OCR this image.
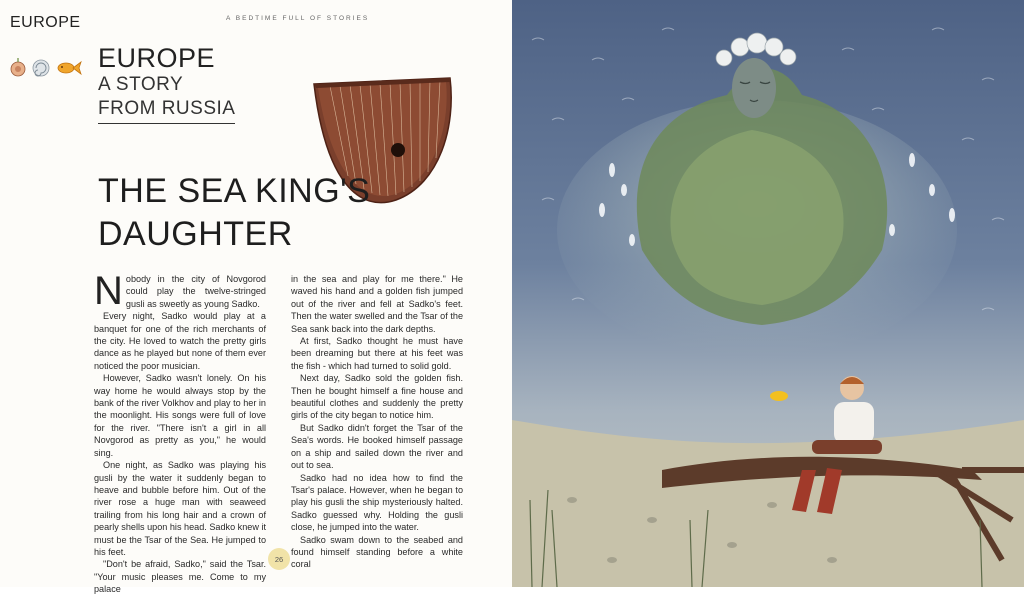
EUROPE	A BEDTIME FULL OF STORIES
EUROPE
A STORY
FROM RUSSIA
THE SEA KING'S
DAUGHTER
N obody in the city of Novgorod could play the twelve-stringed gusli as sweetly as young Sadko.

Every night, Sadko would play at a banquet for one of the rich merchants of the city. He loved to watch the pretty girls dance as he played but none of them ever noticed the poor musician.

However, Sadko wasn't lonely. On his way home he would always stop by the bank of the river Volkhov and play to her in the moonlight. His songs were full of love for the river. "There isn't a girl in all Novgorod as pretty as you," he would sing.

One night, as Sadko was playing his gusli by the water it suddenly began to heave and bubble before him. Out of the river rose a huge man with seaweed trailing from his long hair and a crown of pearly shells upon his head. Sadko knew it must be the Tsar of the Sea. He jumped to his feet.

"Don't be afraid, Sadko," said the Tsar. "Your music pleases me. Come to my palace

in the sea and play for me there." He waved his hand and a golden fish jumped out of the river and fell at Sadko's feet. Then the water swelled and the Tsar of the Sea sank back into the dark depths.

At first, Sadko thought he must have been dreaming but there at his feet was the fish - which had turned to solid gold.

Next day, Sadko sold the golden fish. Then he bought himself a fine house and beautiful clothes and suddenly the pretty girls of the city began to notice him.

But Sadko didn't forget the Tsar of the Sea's words. He booked himself passage on a ship and sailed down the river and out to sea.

Sadko had no idea how to find the Tsar's palace. However, when he began to play his gusli the ship mysteriously halted. Sadko guessed why. Holding the gusli close, he jumped into the water.

Sadko swam down to the seabed and found himself standing before a white coral

26
